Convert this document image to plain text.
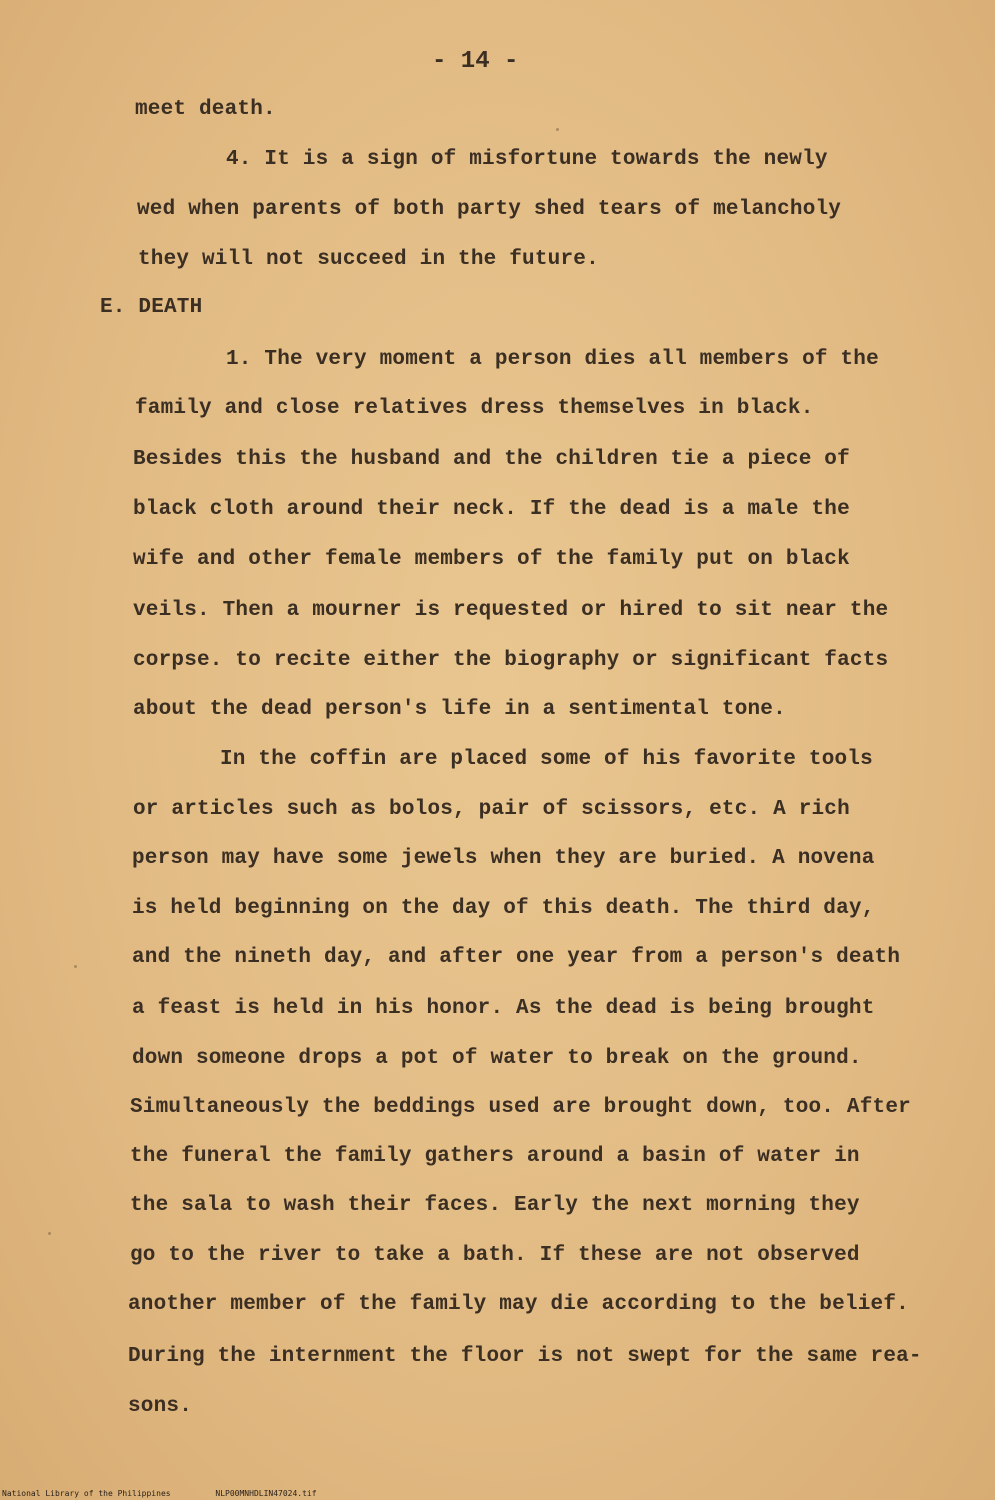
- 14 -
meet death.
4. It is a sign of misfortune towards the newly
wed when parents of both party shed tears of melancholy
they will not succeed in the future.
E. DEATH
1. The very moment a person dies all members of the
family and close relatives dress themselves in black.
Besides this the husband and the children tie a piece of
black cloth around their neck. If the dead is a male the
wife and other female members of the family put on black
veils. Then a mourner is requested or hired to sit near the
corpse. to recite either the biography or significant facts
about the dead person's life in a sentimental tone.
In the coffin are placed some of his favorite tools
or articles such as bolos, pair of scissors, etc. A rich
person may have some jewels when they are buried. A novena
is held beginning on the day of this death. The third day,
and the nineth day, and after one year from a person's death
a feast is held in his honor. As the dead is being brought
down someone drops a pot of water to break on the ground.
Simultaneously the beddings used are brought down, too. After
the funeral the family gathers around a basin of water in
the sala to wash their faces. Early the next morning they
go to the river to take a bath. If these are not observed
another member of the family may die according to the belief.
During the internment the floor is not swept for the same rea-
sons.
National Library of the Philippines	NLP00MNHDLIN47024.tif
